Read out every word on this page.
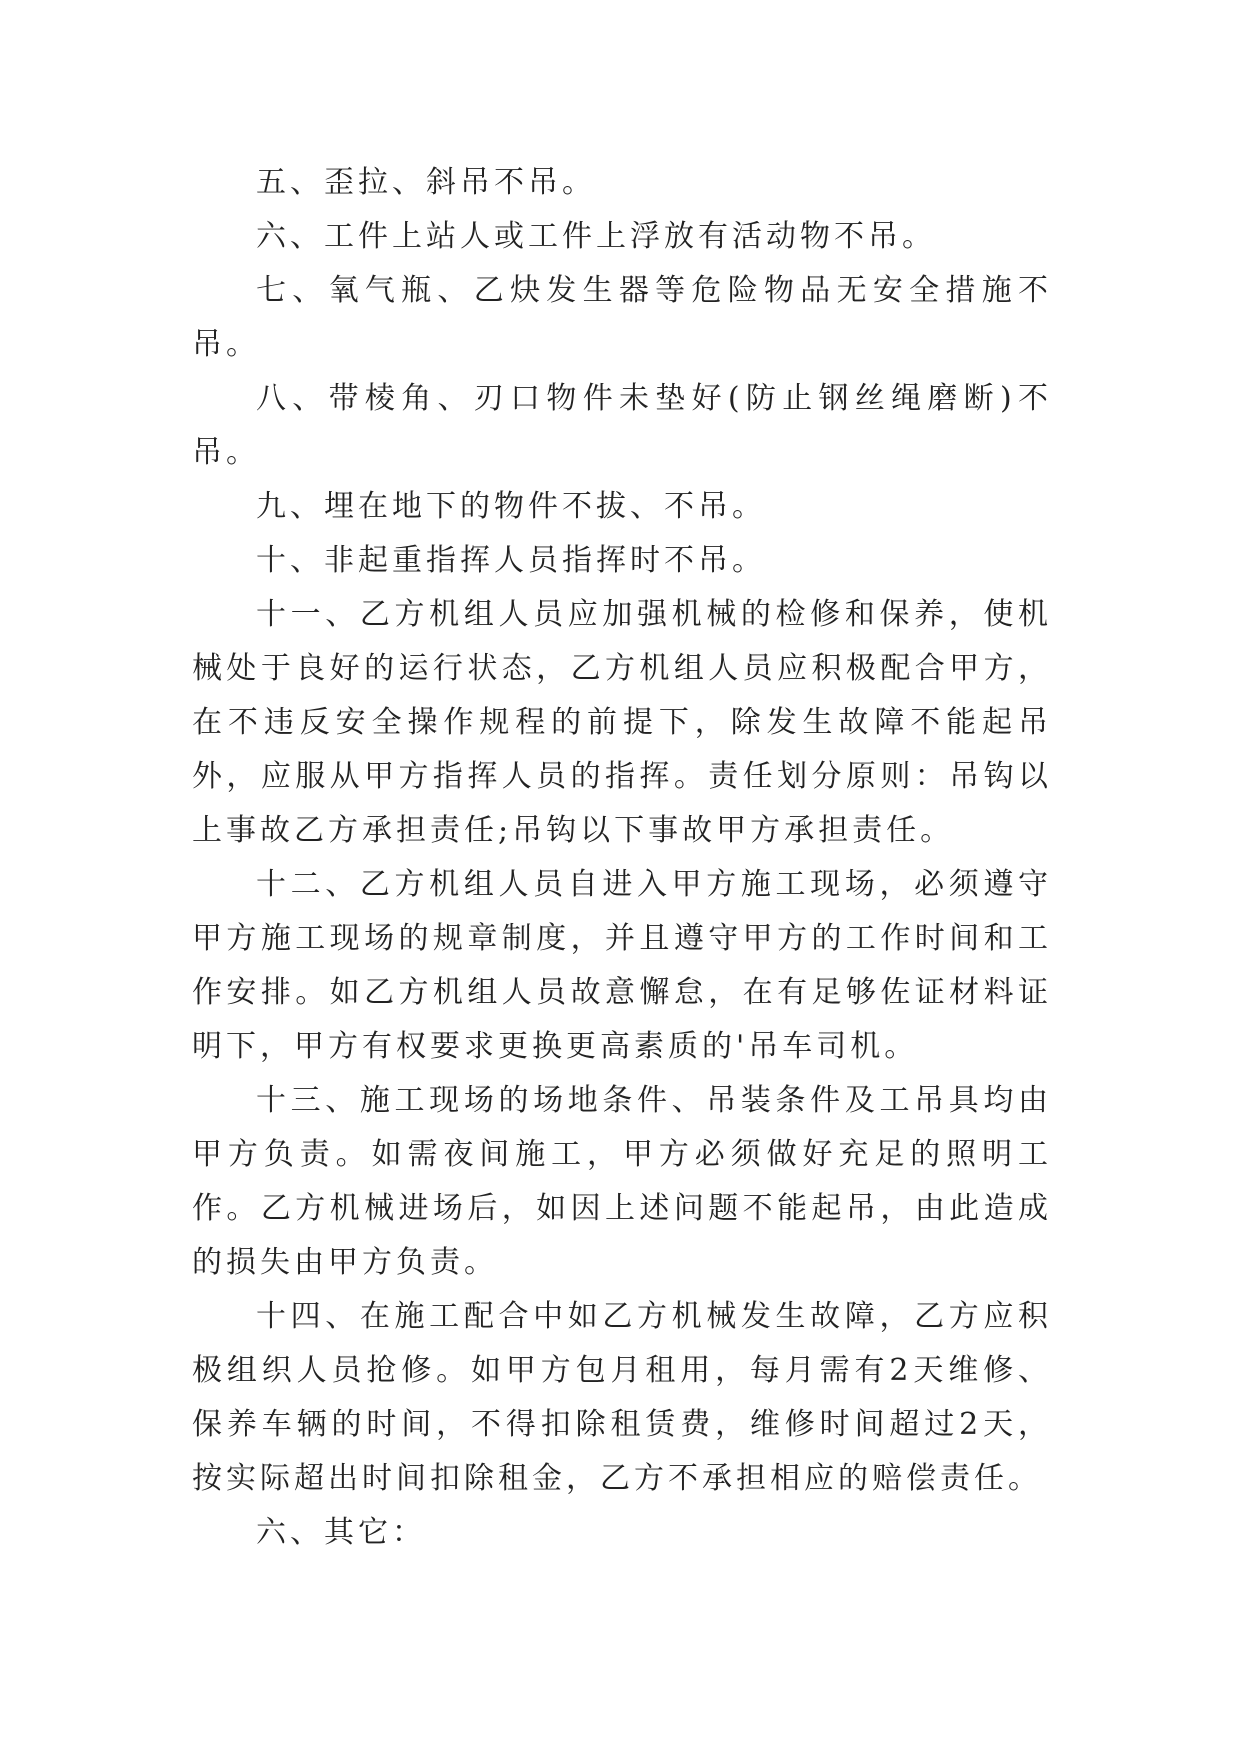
五、歪拉、斜吊不吊。

六、工件上站人或工件上浮放有活动物不吊。

七、氧气瓶、乙炔发生器等危险物品无安全措施不吊。

八、带棱角、刃口物件未垫好(防止钢丝绳磨断)不吊。

九、埋在地下的物件不拔、不吊。

十、非起重指挥人员指挥时不吊。

十一、乙方机组人员应加强机械的检修和保养，使机械处于良好的运行状态，乙方机组人员应积极配合甲方，在不违反安全操作规程的前提下，除发生故障不能起吊外，应服从甲方指挥人员的指挥。责任划分原则：吊钩以上事故乙方承担责任;吊钩以下事故甲方承担责任。

十二、乙方机组人员自进入甲方施工现场，必须遵守甲方施工现场的规章制度，并且遵守甲方的工作时间和工作安排。如乙方机组人员故意懈怠，在有足够佐证材料证明下，甲方有权要求更换更高素质的'吊车司机。

十三、施工现场的场地条件、吊装条件及工吊具均由甲方负责。如需夜间施工，甲方必须做好充足的照明工作。乙方机械进场后，如因上述问题不能起吊，由此造成的损失由甲方负责。

十四、在施工配合中如乙方机械发生故障，乙方应积极组织人员抢修。如甲方包月租用，每月需有2天维修、保养车辆的时间，不得扣除租赁费，维修时间超过2天，按实际超出时间扣除租金，乙方不承担相应的赔偿责任。

六、其它：
